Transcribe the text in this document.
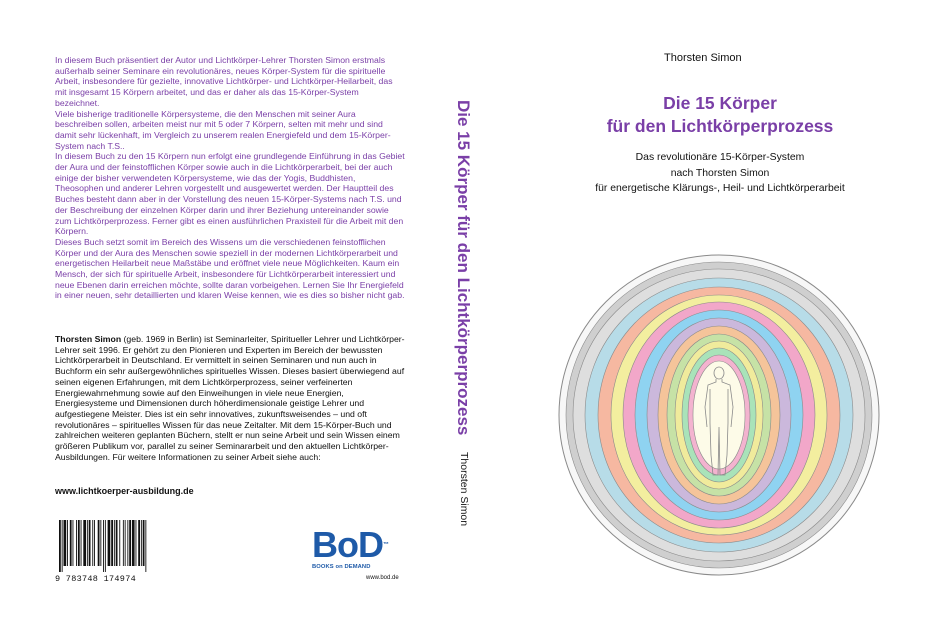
In diesem Buch präsentiert der Autor und Lichtkörper-Lehrer Thorsten Simon erstmals außerhalb seiner Seminare ein revolutionäres, neues Körper-System für die spirituelle Arbeit, insbesondere für gezielte, innovative Lichtkörper- und Lichtkörper-Heilarbeit, das mit insgesamt 15 Körpern arbeitet, und das er daher als das 15-Körper-System bezeichnet.

Viele bisherige traditionelle Körpersysteme, die den Menschen mit seiner Aura beschreiben sollen, arbeiten meist nur mit 5 oder 7 Körpern, selten mit mehr und sind damit sehr lückenhaft, im Vergleich zu unserem realen Energiefeld und dem 15-Körper-System nach T.S..

In diesem Buch zu den 15 Körpern nun erfolgt eine grundlegende Einführung in das Gebiet der Aura und der feinstofflichen Körper sowie auch in die Lichtkörperarbeit, bei der auch einige der bisher verwendeten Körpersysteme, wie das der Yogis, Buddhisten, Theosophen und anderer Lehren vorgestellt und ausgewertet werden. Der Hauptteil des Buches besteht dann aber in der Vorstellung des neuen 15-Körper-Systems nach T.S. und der Beschreibung der einzelnen Körper darin und ihrer Beziehung untereinander sowie zum Lichtkörperprozess. Ferner gibt es einen ausführlichen Praxisteil für die Arbeit mit den Körpern.

Dieses Buch setzt somit im Bereich des Wissens um die verschiedenen feinstofflichen Körper und der Aura des Menschen sowie speziell in der modernen Lichtkörperarbeit und energetischen Heilarbeit neue Maßstäbe und eröffnet viele neue Möglichkeiten. Kaum ein Mensch, der sich für spirituelle Arbeit, insbesondere für Lichtkörperarbeit interessiert und neue Ebenen darin erreichen möchte, sollte daran vorbeigehen. Lernen Sie Ihr Energiefeld in einer neuen, sehr detaillierten und klaren Weise kennen, wie es dies so bisher nicht gab.

Thorsten Simon (geb. 1969 in Berlin) ist Seminarleiter, Spiritueller Lehrer und Lichtkörper-Lehrer seit 1996. Er gehört zu den Pionieren und Experten im Bereich der bewussten Lichtkörperarbeit in Deutschland. Er vermittelt in seinen Seminaren und nun auch in Buchform ein sehr außergewöhnliches spirituelles Wissen. Dieses basiert überwiegend auf seinen eigenen Erfahrungen, mit dem Lichtkörperprozess, seiner verfeinerten Energiewahrnehmung sowie auf den Einweihungen in viele neue Energien, Energiesysteme und Dimensionen durch höherdimensionale geistige Lehrer und aufgestiegene Meister. Dies ist ein sehr innovatives, zukunftsweisendes – und oft revolutionäres – spirituelles Wissen für das neue Zeitalter. Mit dem 15-Körper-Buch und zahlreichen weiteren geplanten Büchern, stellt er nun seine Arbeit und sein Wissen einem größeren Publikum vor, parallel zu seiner Seminararbeit und den aktuellen Lichtkörper-Ausbildungen. Für weitere Informationen zu seiner Arbeit siehe auch:

www.lichtkoerper-ausbildung.de
9 783748 174974
BoD™
BOOKS on DEMAND
www.bod.de
Die 15 Körper für den Lichtkörperprozess
Thorsten Simon
Thorsten Simon
Die 15 Körper
für den Lichtkörperprozess
Das revolutionäre 15-Körper-System
nach Thorsten Simon
für energetische Klärungs-, Heil- und Lichtkörperarbeit
